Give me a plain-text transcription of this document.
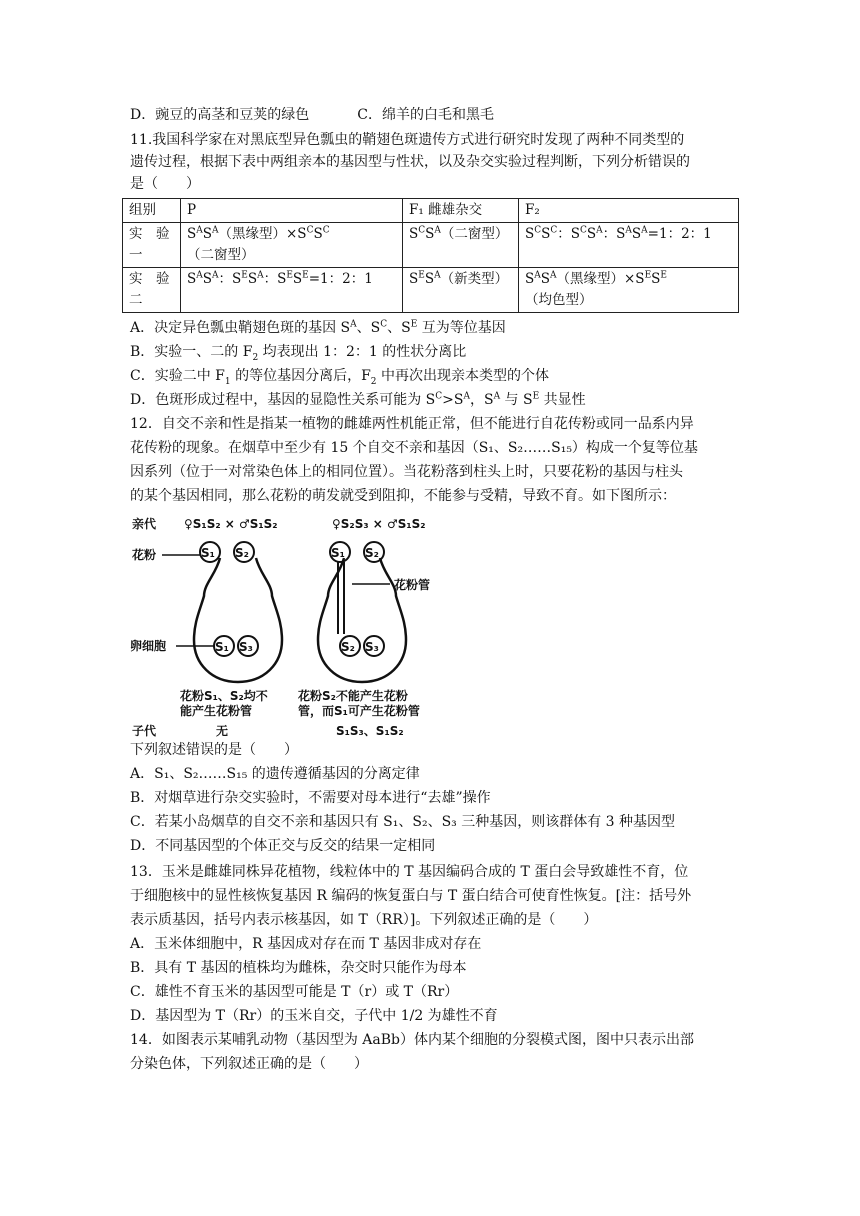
D．豌豆的高茎和豆荚的绿色	C．绵羊的白毛和黑毛
11.我国科学家在对黑底型异色瓢虫的鞘翅色斑遗传方式进行研究时发现了两种不同类型的
遗传过程，根据下表中两组亲本的基因型与性状，以及杂交实验过程判断，下列分析错误的
是（　　）
组别	P	F₁ 雌雄杂交	F₂
实　验
一	$S^AS^A$（黑缘型）$\times S^CS^C$（二窗型）	$S^CS^A$（二窗型）	$S^CS^C$：$S^CS^A$：$S^AS^A=1$：2：1
实　验
二	$S^AS^A$：$S^ES^A$：$S^ES^E=1$：2：1	$S^ES^A$（新类型）	$S^AS^A$（黑缘型）$\times S^ES^E$（均色型）
A．决定异色瓢虫鞘翅色斑的基因 $S^A$、$S^C$、$S^E$ 互为等位基因
B．实验一、二的 $F_2$ 均表现出 1：2：1 的性状分离比
C．实验二中 $F_1$ 的等位基因分离后，$F_2$ 中再次出现亲本类型的个体
D．色斑形成过程中，基因的显隐性关系可能为 $S^C>S^A$，$S^A$ 与 $S^E$ 共显性
12．自交不亲和性是指某一植物的雌雄两性机能正常，但不能进行自花传粉或同一品系内异
花传粉的现象。在烟草中至少有 15 个自交不亲和基因（S₁、S₂……S₁₅）构成一个复等位基
因系列（位于一对常染色体上的相同位置）。当花粉落到柱头上时，只要花粉的基因与柱头
的某个基因相同，那么花粉的萌发就受到阻抑，不能参与受精，导致不育。如下图所示：
亲代 ♀S₁S₂ × ♂S₁S₂	♀S₂S₃ × ♂S₁S₂
花粉	S₁ S₂
S₁ S₃
卵细胞
S₁ S₂
S₂ S₃
花粉管
花粉S₁、S₂均不
能产生花粉管
花粉S₂不能产生花粉
管，而S₁可产生花粉管
子代	无	S₁S₃、S₁S₂
下列叙述错误的是（　　）
A．S₁、S₂……S₁₅ 的遗传遵循基因的分离定律
B．对烟草进行杂交实验时，不需要对母本进行“去雄”操作
C．若某小岛烟草的自交不亲和基因只有 S₁、S₂、S₃ 三种基因，则该群体有 3 种基因型
D．不同基因型的个体正交与反交的结果一定相同
13．玉米是雌雄同株异花植物，线粒体中的 T 基因编码合成的 T 蛋白会导致雄性不育，位
于细胞核中的显性核恢复基因 R 编码的恢复蛋白与 T 蛋白结合可使育性恢复。[注：括号外
表示质基因，括号内表示核基因，如 T（RR）]。下列叙述正确的是（　　）
A．玉米体细胞中，R 基因成对存在而 T 基因非成对存在
B．具有 T 基因的植株均为雌株，杂交时只能作为母本
C．雄性不育玉米的基因型可能是 T（r）或 T（Rr）
D．基因型为 T（Rr）的玉米自交，子代中 1/2 为雄性不育
14．如图表示某哺乳动物（基因型为 AaBb）体内某个细胞的分裂模式图，图中只表示出部
分染色体，下列叙述正确的是（　　）
